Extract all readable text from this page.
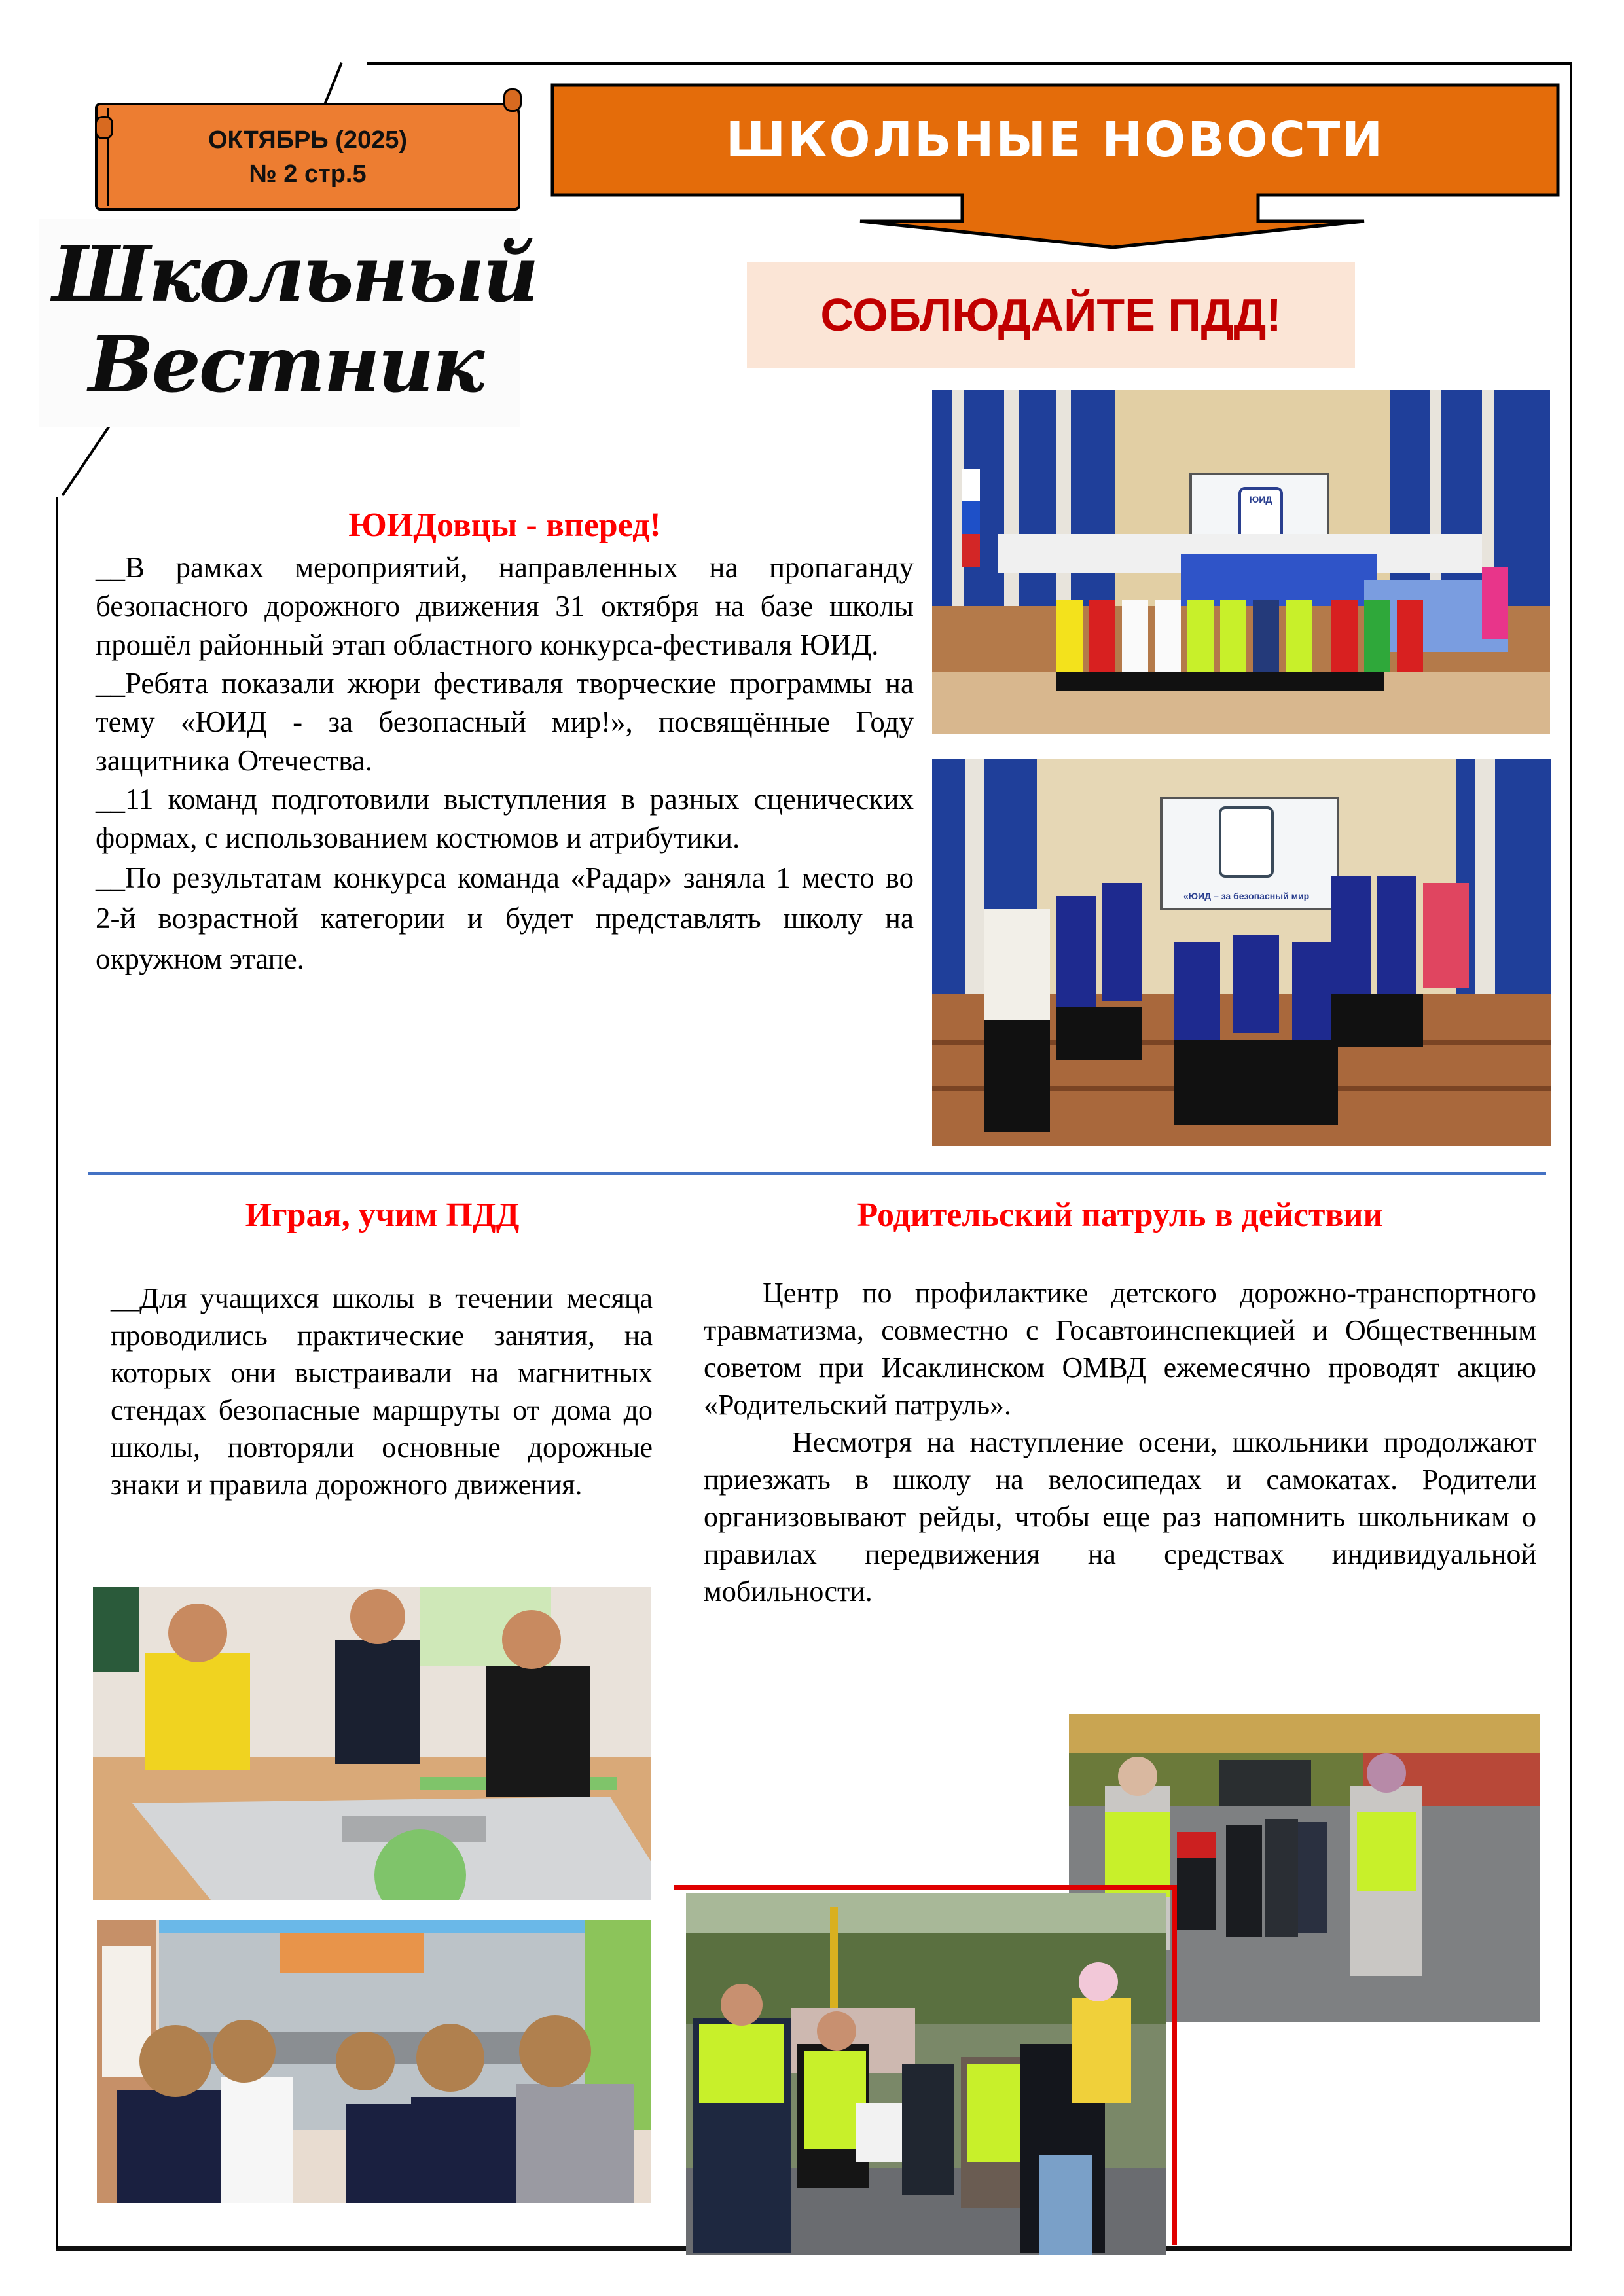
ОКТЯБРЬ (2025)
№ 2 стр.5
Школьный
Вестник
ШКОЛЬНЫЕ НОВОСТИ
СОБЛЮДАЙТЕ ПДД!
ЮИДовцы - вперед!

__В рамках мероприятий, направленных на пропаганду безопасного дорожного движения 31 октября на базе школы прошёл районный этап областного конкурса-фестиваля ЮИД.

__Ребята показали жюри фестиваля творческие программы на тему «ЮИД - за безопасный мир!», посвящённые Году защитника Отечества.

__11 команд подготовили выступления в разных сценических формах, с использованием костюмов и атрибутики.

__По результатам конкурса команда «Радар» заняла 1 место во 2-й возрастной категории и будет представлять школу на окружном этапе.

ЮИД
«ЮИД – за безопасный мир
Играя, учим ПДД

__Для учащихся школы в течении месяца проводились практические занятия, на которых они выстраивали на магнитных стендах безопасные маршруты от дома до школы, повторяли основные дорожные знаки и правила дорожного движения.

Родительский патруль в действии

Центр по профилактике детского дорожно-транспортного травматизма, совместно с Госавтоинспекцией и Общественным советом при Исаклинском ОМВД ежемесячно проводят акцию «Родительский патруль».

Несмотря на наступление осени, школьники продолжают приезжать в школу на велосипедах и самокатах. Родители организовывают рейды, чтобы еще раз напомнить школьникам о правилах передвижения на средствах индивидуальной мобильности.
